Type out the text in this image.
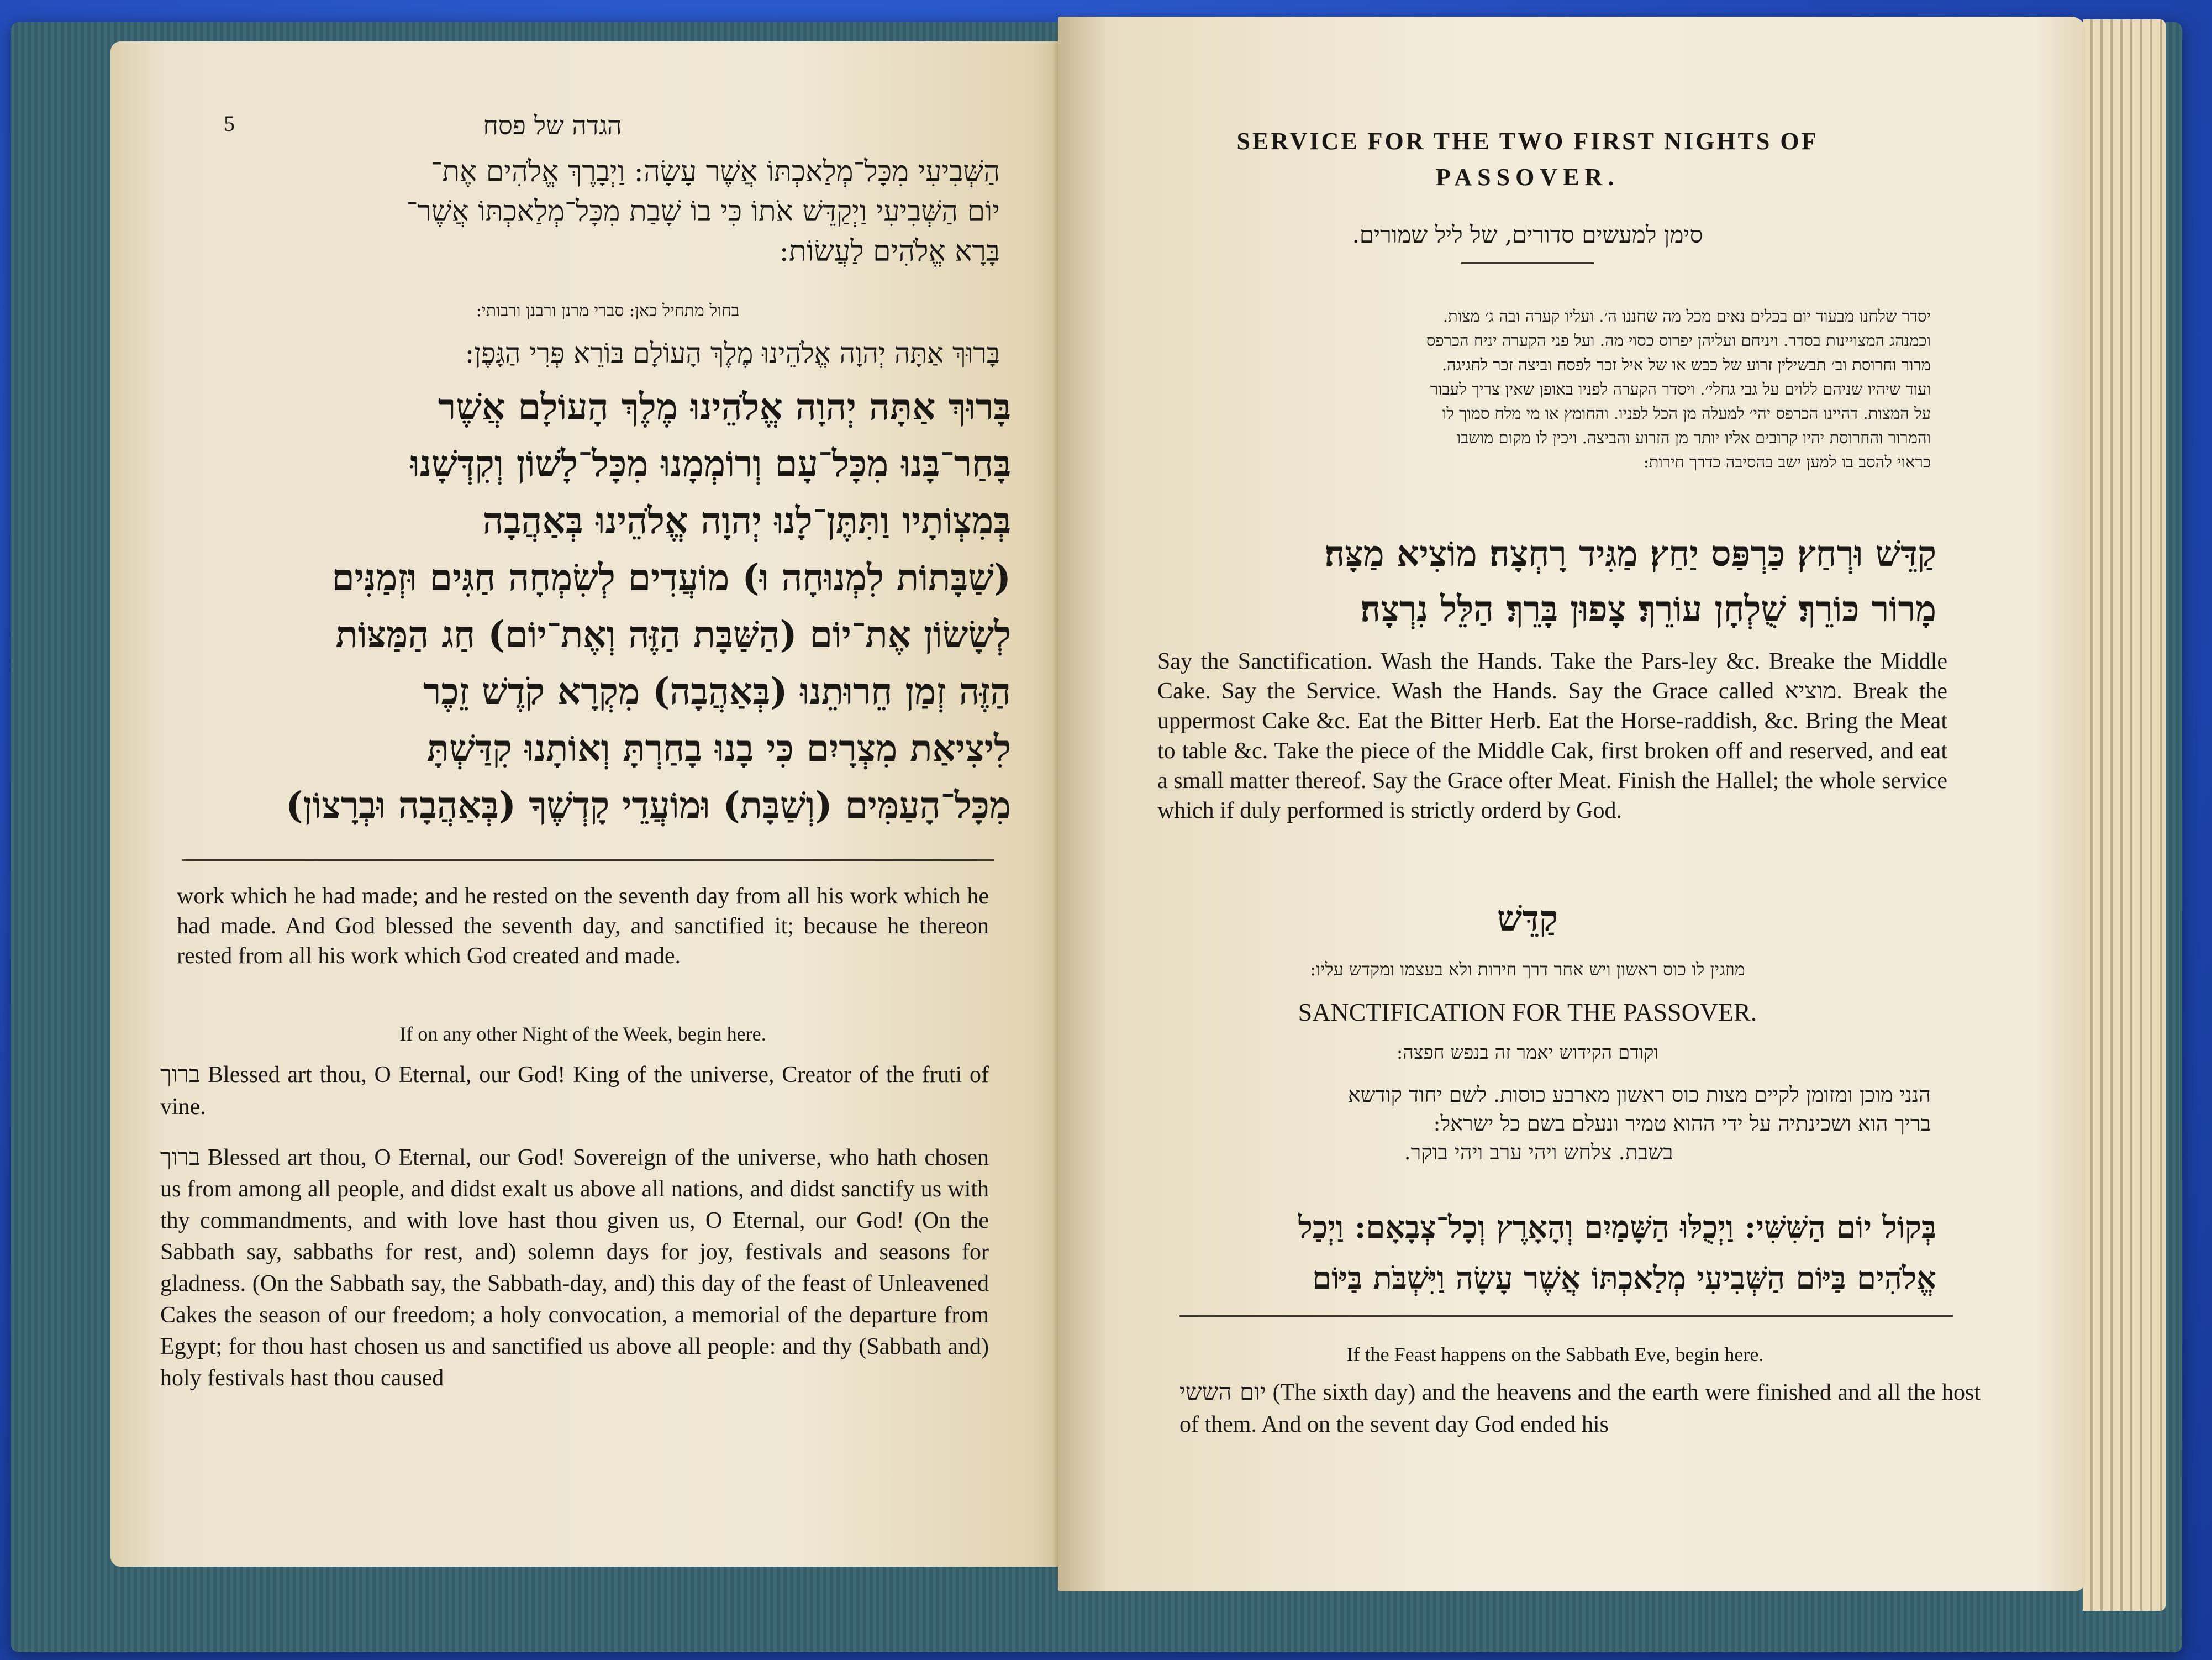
5	הגדה של פסח
הַשְּׁבִיעִי מִכָּל־מְלַאכְתּוֹ אֲשֶׁר עָשָׂה: וַיְבָרֶךְ אֱלֹהִים אֶת־
יוֹם הַשְּׁבִיעִי וַיְקַדֵּשׁ אֹתוֹ כִּי בוֹ שָׁבַת מִכָּל־מְלַאכְתּוֹ אֲשֶׁר־
בָּרָא אֱלֹהִים לַעֲשׂוֹת:
בחול מתחיל כאן: סברי מרנן ורבנן ורבותי:
בָּרוּךְ אַתָּה יְהוָה אֱלֹהֵינוּ מֶלֶךְ הָעוֹלָם בּוֹרֵא פְּרִי הַגָּפֶן:
בָּרוּךְ אַתָּה יְהוָה אֱלֹהֵינוּ מֶלֶךְ הָעוֹלָם אֲשֶׁר
בָּחַר־בָּנוּ מִכָּל־עָם וְרוֹמְמָנוּ מִכָּל־לָשׁוֹן וְקִדְּשָׁנוּ
בְּמִצְוֹתָיו וַתִּתֶּן־לָנוּ יְהוָה אֱלֹהֵינוּ בְּאַהֲבָה
(שַׁבָּתוֹת לִמְנוּחָה וּ) מוֹעֲדִים לְשִׂמְחָה חַגִּים וּזְמַנִּים
לְשָׂשׂוֹן אֶת־יוֹם (הַשַּׁבָּת הַזֶּה וְאֶת־יוֹם) חַג הַמַּצּוֹת
הַזֶּה זְמַן חֵרוּתֵנוּ (בְּאַהֲבָה) מִקְרָא קֹדֶשׁ זֵכֶר
לִיצִיאַת מִצְרָיִם כִּי בָנוּ בָחַרְתָּ וְאוֹתָנוּ קִדַּשְׁתָּ
מִכָּל־הָעַמִּים (וְשַׁבָּת) וּמוֹעֲדֵי קָדְשֶׁךָ (בְּאַהֲבָה וּבְרָצוֹן)
work which he had made; and he rested on the seventh day from all his work which he had made. And God blessed the seventh day, and sanctified it; because he thereon rested from all his work which God created and made.
If on any other Night of the Week, begin here.
ברוך Blessed art thou, O Eternal, our God! King of the universe, Creator of the fruti of vine.
ברוך Blessed art thou, O Eternal, our God! Sovereign of the universe, who hath chosen us from among all people, and didst exalt us above all nations, and didst sanctify us with thy commandments, and with love hast thou given us, O Eternal, our God! (On the Sabbath say, sabbaths for rest, and) solemn days for joy, festivals and seasons for gladness. (On the Sabbath say, the Sabbath-day, and) this day of the feast of Unleavened Cakes the season of our freedom; a holy convocation, a memorial of the departure from Egypt; for thou hast chosen us and sanctified us above all people: and thy (Sabbath and) holy festivals hast thou caused
SERVICE FOR THE TWO FIRST NIGHTS OF
PASSOVER.
סימן למעשים סדורים, של ליל שמורים.
יסדר שלחנו מבעוד יום בכלים נאים מכל מה שחננו ה׳. ועליו קערה ובה ג׳ מצות.
וכמנהג המצויינות בסדר. ויניחם ועליהן יפרוס כסוי מה. ועל פני הקערה יניח הכרפס
מרור וחרוסת וב׳ תבשילין זרוע של כבש או של איל זכר לפסח וביצה זכר לחגיגה.
ועוד שיהיו שניהם ללוים על גבי גחלי׳. ויסדר הקערה לפניו באופן שאין צריך לעבור
על המצות. דהיינו הכרפס יהי׳ למעלה מן הכל לפניו. והחומץ או מי מלח סמוך לו
והמרור והחרוסת יהיו קרובים אליו יותר מן הזרוע והביצה. ויכין לו מקום מושבו
כראוי להסב בו למען ישב בהסיבה כדרך חירות:
קַדֵּשׁ וּרְחַץ׃ כַּרְפַּס יַחַץ׃ מַגִּיד רָחְצָה׃ מוֹצִיא מַצָּה׃
מָרוֹר כּוֹרֵךְ׃ שֻׁלְחָן עוֹרֵךְ׃ צָפוּן בָּרֵךְ׃ הַלֵּל נִרְצָה׃
Say the Sanctification. Wash the Hands. Take the Pars-ley &c. Breake the Middle Cake. Say the Service. Wash the Hands. Say the Grace called מוציא. Break the uppermost Cake &c. Eat the Bitter Herb. Eat the Horse-raddish, &c. Bring the Meat to table &c. Take the piece of the Middle Cak, first broken off and reserved, and eat a small matter thereof. Say the Grace ofter Meat. Finish the Hallel; the whole service which if duly performed is strictly orderd by God.
קַדֵּשׁ
מוזגין לו כוס ראשון ויש אחר דרך חירות ולא בעצמו ומקדש עליו:
SANCTIFICATION FOR THE PASSOVER.
וקודם הקידוש יאמר זה בנפש חפצה:
הנני מוכן ומזומן לקיים מצות כוס ראשון מארבע כוסות. לשם יחוד קודשא
בריך הוא ושכינתיה על ידי ההוא טמיר ונעלם בשם כל ישראל:
בשבת. צלחש ויהי ערב ויהי בוקר.
בְּקוֹל יוֹם הַשִּׁשִּׁי: וַיְכֻלּוּ הַשָּׁמַיִם וְהָאָרֶץ וְכָל־צְבָאָם: וַיְכַל
אֱלֹהִים בַּיּוֹם הַשְּׁבִיעִי מְלַאכְתּוֹ אֲשֶׁר עָשָׂה וַיִּשְׁבֹּת בַּיּוֹם
If the Feast happens on the Sabbath Eve, begin here.
יום הששי (The sixth day) and the heavens and the earth were finished and all the host of them. And on the sevent day God ended his
